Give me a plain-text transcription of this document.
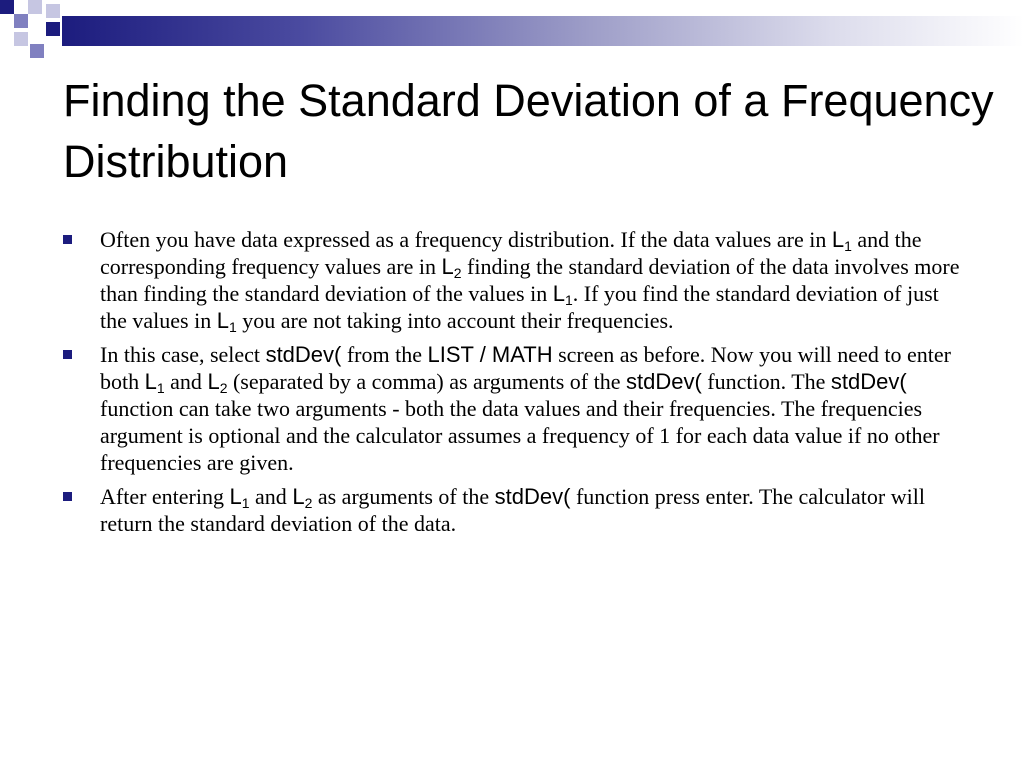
Finding the Standard Deviation of a Frequency Distribution
Often you have data expressed as a frequency distribution. If the data values are in $L_1$ and the corresponding frequency values are in $L_2$ finding the standard deviation of the data involves more than finding the standard deviation of the values in $L_1$. If you find the standard deviation of just the values in $L_1$ you are not taking into account their frequencies.
In this case, select stdDev( from the LIST / MATH screen as before. Now you will need to enter both $L_1$ and $L_2$ (separated by a comma) as arguments of the stdDev( function. The stdDev( function can take two arguments - both the data values and their frequencies. The frequencies argument is optional and the calculator assumes a frequency of 1 for each data value if no other frequencies are given.
After entering $L_1$ and $L_2$ as arguments of the stdDev( function press enter. The calculator will return the standard deviation of the data.
